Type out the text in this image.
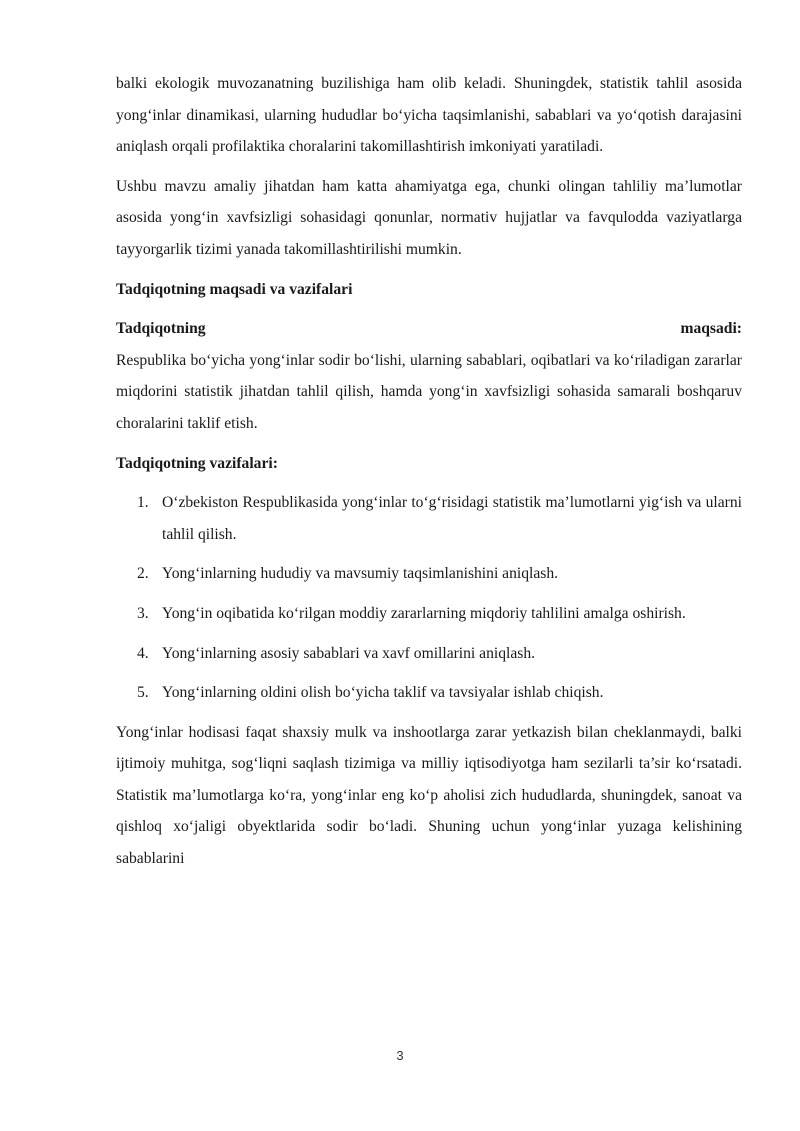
balki ekologik muvozanatning buzilishiga ham olib keladi. Shuningdek, statistik tahlil asosida yong‘inlar dinamikasi, ularning hududlar bo‘yicha taqsimlanishi, sabablari va yo‘qotish darajasini aniqlash orqali profilaktika choralarini takomillashtirish imkoniyati yaratiladi.

Ushbu mavzu amaliy jihatdan ham katta ahamiyatga ega, chunki olingan tahliliy ma’lumotlar asosida yong‘in xavfsizligi sohasidagi qonunlar, normativ hujjatlar va favqulodda vaziyatlarga tayyorgarlik tizimi yanada takomillashtirilishi mumkin.

Tadqiqotning maqsadi va vazifalari
Tadqiqotning	maqsadi:

Respublika bo‘yicha yong‘inlar sodir bo‘lishi, ularning sabablari, oqibatlari va ko‘riladigan zararlar miqdorini statistik jihatdan tahlil qilish, hamda yong‘in xavfsizligi sohasida samarali boshqaruv choralarini taklif etish.

Tadqiqotning vazifalari:
1. O‘zbekiston Respublikasida yong‘inlar to‘g‘risidagi statistik ma’lumotlarni yig‘ish va ularni tahlil qilish.
2. Yong‘inlarning hududiy va mavsumiy taqsimlanishini aniqlash.
3. Yong‘in oqibatida ko‘rilgan moddiy zararlarning miqdoriy tahlilini amalga oshirish.
4. Yong‘inlarning asosiy sabablari va xavf omillarini aniqlash.
5. Yong‘inlarning oldini olish bo‘yicha taklif va tavsiyalar ishlab chiqish.

Yong‘inlar hodisasi faqat shaxsiy mulk va inshootlarga zarar yetkazish bilan cheklanmaydi, balki ijtimoiy muhitga, sog‘liqni saqlash tizimiga va milliy iqtisodiyotga ham sezilarli ta’sir ko‘rsatadi. Statistik ma’lumotlarga ko‘ra, yong‘inlar eng ko‘p aholisi zich hududlarda, shuningdek, sanoat va qishloq xo‘jaligi obyektlarida sodir bo‘ladi. Shuning uchun yong‘inlar yuzaga kelishining sabablarini

3
